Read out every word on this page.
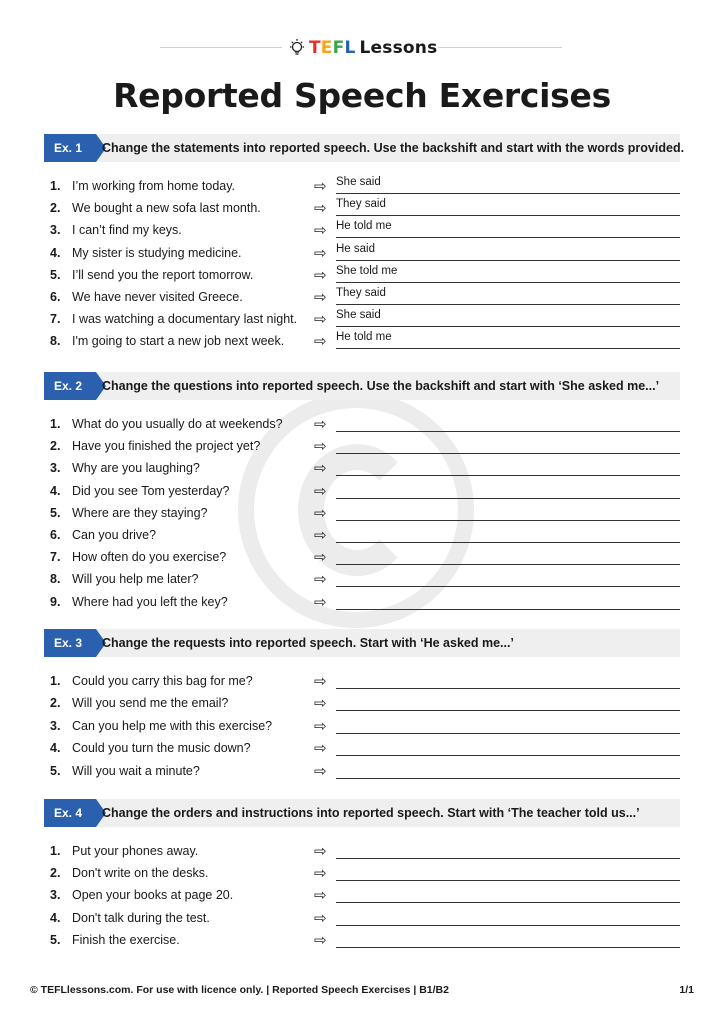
TEFL Lessons
Reported Speech Exercises
Ex. 1	Change the statements into reported speech. Use the backshift and start with the words provided.
1. I’m working from home today.	⇨ She said
2. We bought a new sofa last month.	⇨ They said
3. I can’t find my keys.	⇨ He told me
4. My sister is studying medicine.	⇨ He said
5. I’ll send you the report tomorrow.	⇨ She told me
6. We have never visited Greece.	⇨ They said
7. I was watching a documentary last night. ⇨ She said
8. I'm going to start a new job next week. ⇨ He told me
Ex. 2	Change the questions into reported speech. Use the backshift and start with ‘She asked me...’
1. What do you usually do at weekends? ⇨
2. Have you finished the project yet?	⇨
3. Why are you laughing?	⇨
4. Did you see Tom yesterday?	⇨
5. Where are they staying?	⇨
6. Can you drive?	⇨
7. How often do you exercise?	⇨
8. Will you help me later?	⇨
9. Where had you left the key?	⇨
Ex. 3	Change the requests into reported speech. Start with ‘He asked me...’
1. Could you carry this bag for me?	⇨
2. Will you send me the email?	⇨
3. Can you help me with this exercise?	⇨
4. Could you turn the music down?	⇨
5. Will you wait a minute?	⇨
Ex. 4	Change the orders and instructions into reported speech. Start with ‘The teacher told us...’
1. Put your phones away.	⇨
2. Don't write on the desks.	⇨
3. Open your books at page 20.	⇨
4. Don't talk during the test.	⇨
5. Finish the exercise.	⇨
© TEFLlessons.com. For use with licence only. | Reported Speech Exercises | B1/B2	1/1
